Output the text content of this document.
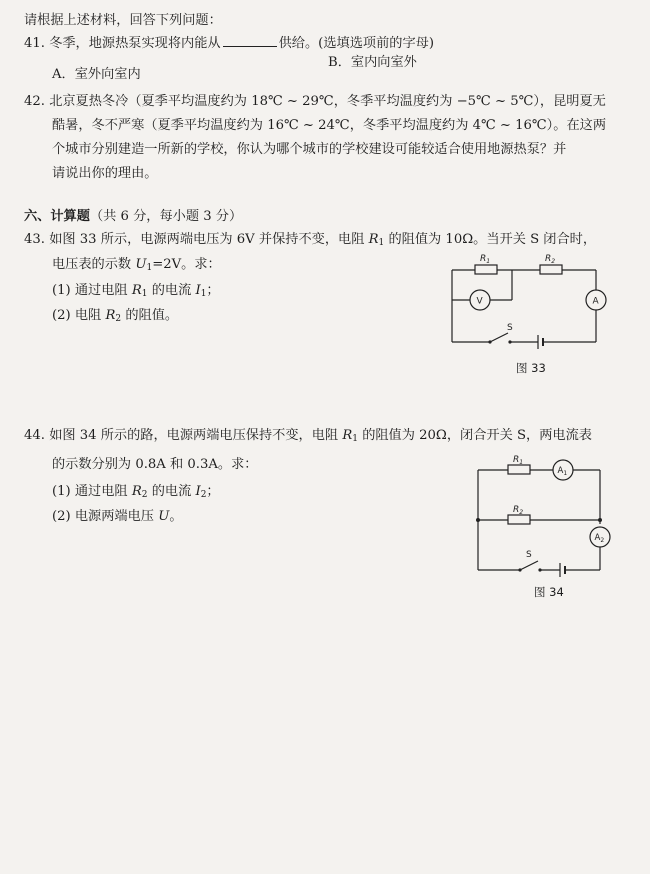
请根据上述材料，回答下列问题：
41. 冬季，地源热泵实现将内能从	供给。(选填选项前的字母)
A．室外向室内
B．室内向室外
42. 北京夏热冬冷（夏季平均温度约为 18℃ ~ 29℃，冬季平均温度约为 −5℃ ~ 5℃），昆明夏无
酷暑，冬不严寒（夏季平均温度约为 16℃ ~ 24℃，冬季平均温度约为 4℃ ~ 16℃）。在这两
个城市分别建造一所新的学校，你认为哪个城市的学校建设可能较适合使用地源热泵？并
请说出你的理由。
六、计算题（共 6 分，每小题 3 分）
43. 如图 33 所示，电源两端电压为 6V 并保持不变，电阻 $R_1$ 的阻值为 10Ω。当开关 S 闭合时，
电压表的示数 $U_1=2V$。求：
(1) 通过电阻 $R_1$ 的电流 $I_1$；
(2) 电阻 $R_2$ 的阻值。
$R_1$	$R_2$
V	A
S
图 33
44. 如图 34 所示的路，电源两端电压保持不变，电阻 $R_1$ 的阻值为 20Ω，闭合开关 S，两电流表
的示数分别为 0.8A 和 0.3A。求：
(1) 通过电阻 $R_2$ 的电流 $I_2$；
(2) 电源两端电压 U。
$R_1$
$R_2$
$A_1$
$A_2$
S
图 34
